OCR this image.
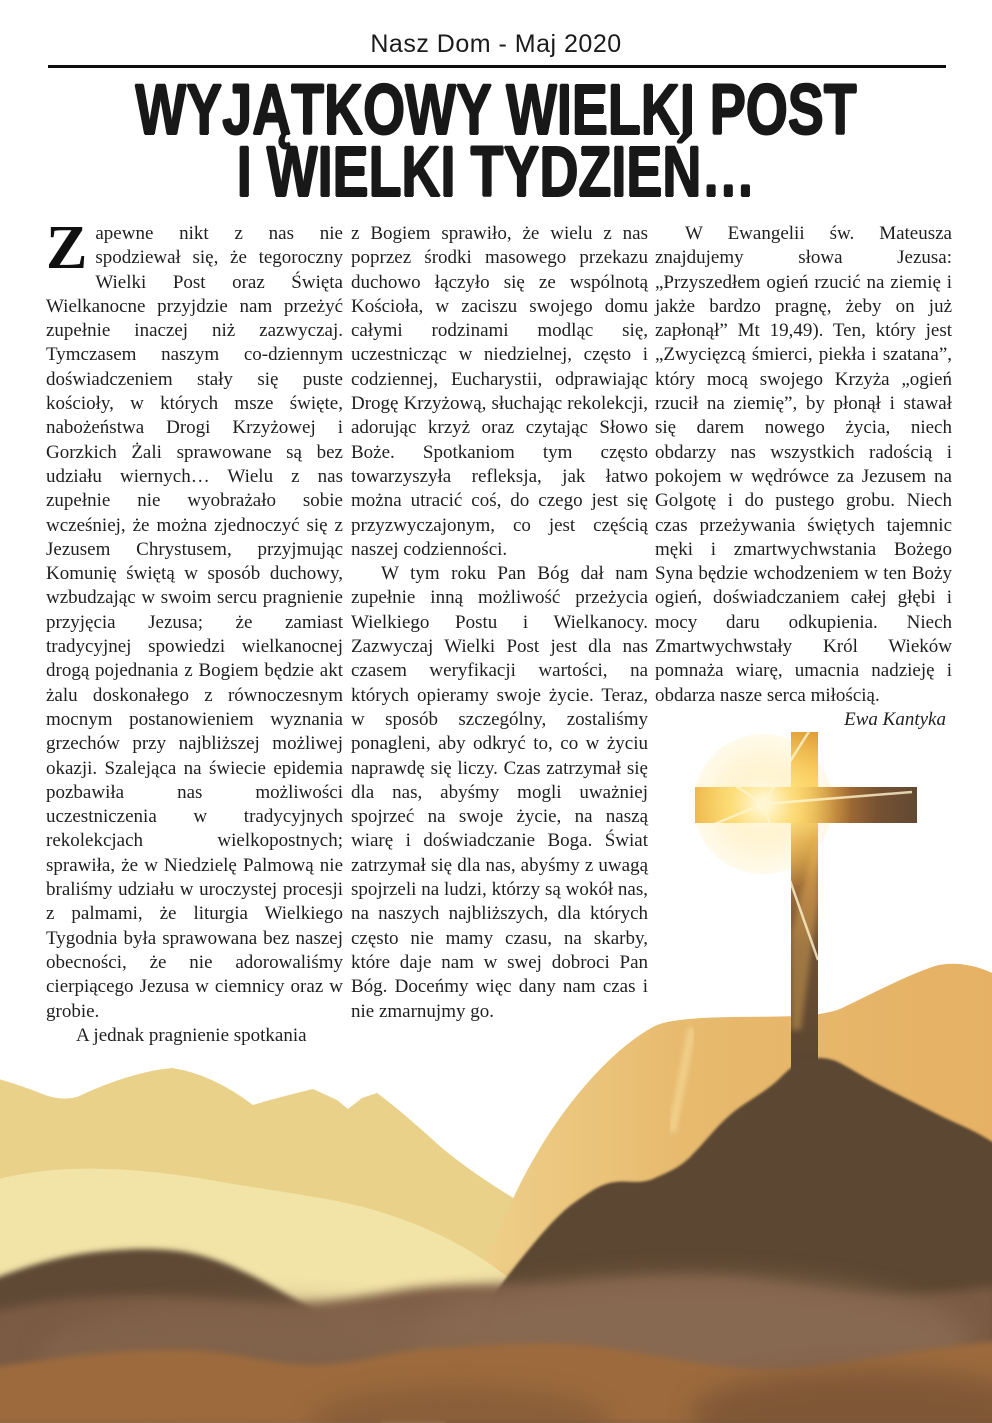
Nasz Dom - Maj 2020
WYJĄTKOWY WIELKI POST
I WIELKI TYDZIEŃ…

Zapewne nikt z nas nie spodziewał się, że tegoroczny Wielki Post oraz Święta Wielkanocne przyjdzie nam przeżyć zupełnie inaczej niż zazwyczaj. Tymczasem naszym co-dziennym doświadczeniem stały się puste kościoły, w których msze święte, nabożeństwa Drogi Krzyżowej i Gorzkich Żali sprawowane są bez udziału wiernych… Wielu z nas zupełnie nie wyobrażało sobie wcześniej, że można zjednoczyć się z Jezusem Chrystusem, przyjmując Komunię świętą w sposób duchowy, wzbudzając w swoim sercu pragnienie przyjęcia Jezusa; że zamiast tradycyjnej spowiedzi wielkanocnej drogą pojednania z Bogiem będzie akt żalu doskonałego z równoczesnym mocnym postanowieniem wyznania grzechów przy najbliższej możliwej okazji. Szalejąca na świecie epidemia pozbawiła nas możliwości uczestniczenia w tradycyjnych rekolekcjach wielkopostnych; sprawiła, że w Niedzielę Palmową nie braliśmy udziału w uroczystej procesji z palmami, że liturgia Wielkiego Tygodnia była sprawowana bez naszej obecności, że nie adorowaliśmy cierpiącego Jezusa w ciemnicy oraz w grobie.

A jednak pragnienie spotkania

z Bogiem sprawiło, że wielu z nas poprzez środki masowego przekazu duchowo łączyło się ze wspólnotą Kościoła, w zaciszu swojego domu całymi rodzinami modląc się, uczestnicząc w niedzielnej, często i codziennej, Eucharystii, odprawiając Drogę Krzyżową, słuchając rekolekcji, adorując krzyż oraz czytając Słowo Boże. Spotkaniom tym często towarzyszyła refleksja, jak łatwo można utracić coś, do czego jest się przyzwyczajonym, co jest częścią naszej codzienności.

W tym roku Pan Bóg dał nam zupełnie inną możliwość przeżycia Wielkiego Postu i Wielkanocy. Zazwyczaj Wielki Post jest dla nas czasem weryfikacji wartości, na których opieramy swoje życie. Teraz, w sposób szczególny, zostaliśmy ponagleni, aby odkryć to, co w życiu naprawdę się liczy. Czas zatrzymał się dla nas, abyśmy mogli uważniej spojrzeć na swoje życie, na naszą wiarę i doświadczanie Boga. Świat zatrzymał się dla nas, abyśmy z uwagą spojrzeli na ludzi, którzy są wokół nas, na naszych najbliższych, dla których często nie mamy czasu, na skarby, które daje nam w swej dobroci Pan Bóg. Doceńmy więc dany nam czas i nie zmarnujmy go.

W Ewangelii św. Mateusza znajdujemy słowa Jezusa: „Przyszedłem ogień rzucić na ziemię i jakże bardzo pragnę, żeby on już zapłonął” Mt 19,49). Ten, który jest „Zwycięzcą śmierci, piekła i szatana”, który mocą swojego Krzyża „ogień rzucił na ziemię”, by płonął i stawał się darem nowego życia, niech obdarzy nas wszystkich radością i pokojem w wędrówce za Jezusem na Golgotę i do pustego grobu. Niech czas przeżywania świętych tajemnic męki i zmartwychwstania Bożego Syna będzie wchodzeniem w ten Boży ogień, doświadczaniem całej głębi i mocy daru odkupienia. Niech Zmartwychwstały Król Wieków pomnaża wiarę, umacnia nadzieję i obdarza nasze serca miłością.

Ewa Kantyka
